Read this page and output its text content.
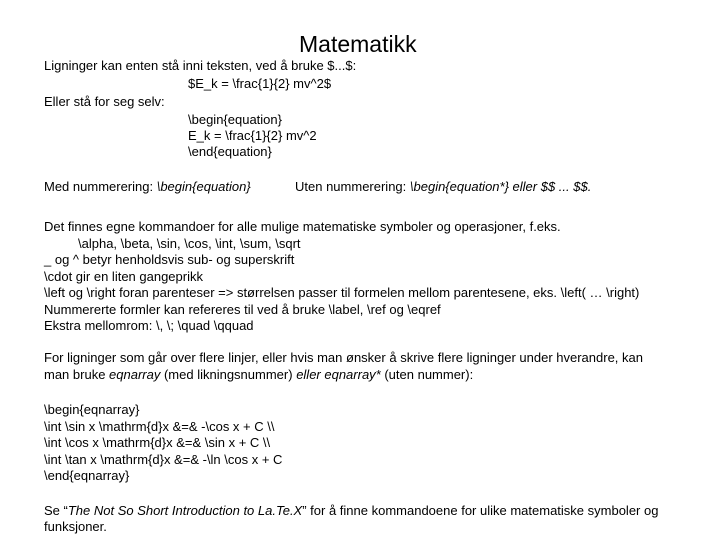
Matematikk
Ligninger kan enten stå inni teksten, ved å bruke $...$:
$E_k = \frac{1}{2} mv^2$
Eller stå for seg selv:
\begin{equation}
E_k = \frac{1}{2} mv^2
\end{equation}
Med nummerering: \begin{equation}	Uten nummerering: \begin{equation*} eller $$ ... $$.
Det finnes egne kommandoer for alle mulige matematiske symboler og operasjoner, f.eks.
\alpha, \beta, \sin, \cos, \int, \sum, \sqrt
_ og ^ betyr henholdsvis sub- og superskrift
\cdot gir en liten gangeprikk
\left og \right foran parenteser => størrelsen passer til formelen mellom parentesene, eks. \left( … \right)
Nummererte formler kan refereres til ved å bruke \label, \ref og \eqref
Ekstra mellomrom: \, \; \quad \qquad
For ligninger som går over flere linjer, eller hvis man ønsker å skrive flere ligninger under hverandre, kan
man bruke eqnarray (med likningsnummer) eller eqnarray* (uten nummer):
\begin{eqnarray}
\int \sin x \mathrm{d}x &=& -\cos x + C \\
\int \cos x \mathrm{d}x &=& \sin x + C \\
\int \tan x \mathrm{d}x &=& -\ln \cos x + C
\end{eqnarray}
Se “The Not So Short Introduction to La.Te.X” for å finne kommandoene for ulike matematiske symboler og
funksjoner.
